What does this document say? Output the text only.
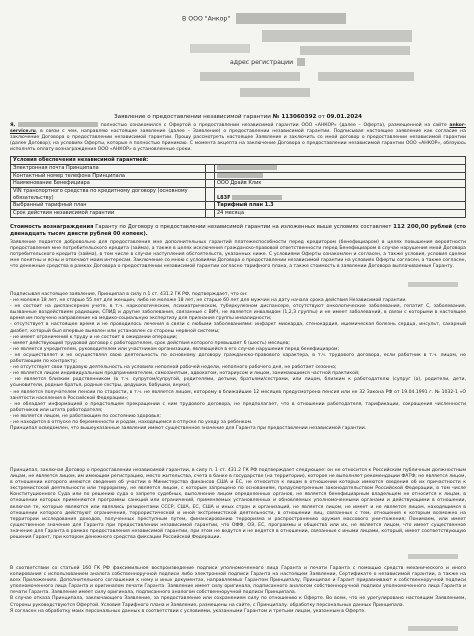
В ООО "Анкор"
адрес регистрации
Заявление о предоставлении независимой гарантии № 113060392 от 09.01.2024

Я,	полностью ознакомился с Офертой о предоставлении независимой гарантии ООО «АНКОР» (далее – Оферта), размещенной на сайте ankor-service.ru, в связи с чем, направляю настоящее заявление (далее – Заявление) о предоставлении независимой гарантии. Подписывая настоящее заявление как согласие на заключение Договора о предоставлении независимой гарантии. Прошу рассмотреть настоящее Заявление и заключить со мной договор о предоставлении независимой гарантии (далее Договор), на условиях Оферты, которые я полностью принимаю. С момента акцепта на заключение Договора о предоставлении независимой гарантии ООО «АНКОР», обязуюсь исполнять оплату вознаграждения ООО «АНКОР» в установленные сроки.

Условия обеспечения независимой гарантией:		
Электронная почта Принципала		
Контактный номер телефона Принципала		
Наименование Бенефициара		ООО Драйв Клик
VIN транспортного средства по кредитному договору (основному обязательству)		L83F
Выбранный тарифный план		Тарифный план 1.3
Срок действия независимой гарантии		24 месяца

Стоимость вознаграждения Гаранту по Договору о предоставлении независимой гарантии на изложенных выше условиях составляет 112 200,00 рублей (сто двенадцать тысяч двести рублей 00 копеек).

Заявление подается добровольно для предоставления мне дополнительных гарантий платежеспособности перед кредитором (бенефициаром) в целях повышения вероятности предоставления мне потребительского кредита (займа), а также в целях исключения гражданско-правовой ответственности перед Бенефициаром в случае нарушения мной Договора потребительского кредита (займа), в том числе в случае наступления обстоятельств, указанных ниже. С условиями Оферты ознакомлен и согласен, а также условия, условия сделки мне понятны и ясны и отвечают моим интересам. Заключение со мною с условиями Договора о предоставлении независимой гарантии на условиях Оферты согласен, а также согласен, что денежные средства в рамках Договора о предоставлении независимой гарантии согласно тарифного плана, а также стоимость в заявлении Договора выплачиваемые Гаранту.

Подписывая настоящее заявление, Принципал в силу п.1 ст. 431.2 ГК РФ, подтверждает, что он:

- не моложе 18 лет, не старше 55 лет для женщин, либо не моложе 18 лет, не старше 60 лет для мужчин на дату начала срока действия Независимой гарантии.

- не состоит на диспансерном учете, в т.ч. наркологическом, психиатрическом, туберкулезном диспансере, отсутствуют онкологические заболевания, гепатит С, заболевания, вызванные воздействием радиации, СПИД и другие заболевания, связанные с ВИЧ, не является инвалидом (1,2,3 группы) и не имеет заболеваний, в связи с которыми в настоящее время им получено направление на медико-социальную экспертизу для признания группы инвалидности;

- отсутствует в настоящее время и не проводилось лечения в связи с любыми заболеваниями: инфаркт миокарда, стенокардия, ишемическая болезнь сердца, инсульт, сахарный диабет, который был впервые выявлен или установлен со стороны нервной системы;

- не имеет ограничений к труду и не состоит в ожидании операции;

- имеет действующий трудовой договор с работодателем, срок действия которого превышает 6 (шесть) месяцев;

- не является учредителем, руководителем или участником организации, являющейся в его случае нарушения перед бенефициаром;

- не осуществляет и не осуществлял свою деятельность по основному договору гражданско-правового характера, в т.ч. трудового договора, если работник в т.ч. лицом, не работающим по контракту;

- не отсутствует свои трудовую деятельность на условиях неполной рабочей недели, неполного рабочего дня, не работает сезонно;

- не является лицом индивидуальным предпринимателем, самозанятым, адвокатом, нотариусом и лицом, занимающимся частной практикой;

- не является близким родственником (в т.ч. супругом/супругой, родителями, детьми, братьями/сестрами, или лицом, близким к работодателю (супруг (а), родители, дети, усыновители, родные братья, родные сестры, дедушки, бабушки, внуки);

- не является получателем пенсии по старости, в т.ч. не является лицом, которому в ближайшие 12 месяцев предусмотрена пенсия или не 32 Закона РФ от 19.04.1991 г. № 1032-1 «О занятости населения в Российской Федерации»;

- не обладает информацией о предстоящем прекращении с ним трудового договора, не предполагает, что в отношении работодателя, тарификации, сокращения численности работников или штата работодателя;

- не является лицом, не работающим по состоянию здоровья;

- не находится в отпуске по беременности и родам, находящемся в отпуске по уходу за ребенком.

Принципал осведомлен, что вышеуказанные заявления имеют существенное значение для Гаранта при предоставлении независимой гарантии.

Принципал, заключая Договор о предоставлении независимой гарантии, в силу п. 1 ст. 431.2 ГК РФ подтверждает следующее: он не относится к Российским публичным должностным лицам, не является лицом, им имеющим регистрацию, место жительства, счета в банке в государстве (на территории), которое не выполняет рекомендации ФАТФ; не является лицом, в отношении которого имеются сведения об участии в Министерства финансов США и ЕС, не относится к лицам в отношении которых имеются сведения об их причастности к экстремистской деятельности или терроризму, не является лицом, с которым запрещено по основаниям, предусмотренным законодательством Российской Федерации, в том числе Конституционного Суда или по решению суда о запрете судебных, выполнение лицом определенных органов, не является бенефициарным владельцем не относится к лицам, в отношении которых применяются программы санкций или ограничений, применяемых установленных и обновляемых уполномоченными органами и действующими в отношении, включая те, которые являются или являлись резидентами СССР, США, ЕС, США и иных стран и организаций, не является лицом, не имеет и не является лицом, находящимся в отношении которого действуют ограничения, террористической и иной экстремистской деятельности, в отношении лиц, связанных с тем, отношения к которым возможно на территории исследования доходов, полученных преступным путем, финансированию терроризма и распространению оружия массового уничтожения; Понимаем, или имеет существенное значение для Гаранта при предоставлении независимой гарантии, что ОФФ, ОЭ, ЕС, программы и общества или их, не является лицом, что имеет существенное значение для Гаранта в рамках предоставления независимой гарантии, при этом не ведутся и не ведется в отношении, связанные с иными лицами, который, имеет соответствующую решения Гарант, при котором денежного средства фиксации Российской Федерации.

В соответствии со статьей 160 ГК РФ факсимильное воспроизведение подписи уполномоченного лица Гаранта и печати Гаранта с помощью средств механического и иного копирования с использованием аналога собственноручной подписи либо электронной подписи Гаранта на настоящем Заявлении, Сертификате о независимой гарантии, а также на всех Приложениях. Дополнительного соглашения к нему и иных документах, направляемых Гарантом Принципалу, Принципал и Гарант приравнивают к собственноручной подписи уполномоченного лица Гаранта и оригиналом печати Гаранта. Заявление имеет силу оригинала, подписанного аналогом собственноручной подписи уполномоченного лица Гаранта и печати Гаранта. Заявление имеет силу оригинала, подписанного аналогом собственноручной подписи Принципала.

В случае отказа Принципала, заключающего Заявление, за предоставление или сохранением силу по отношению к Оферте. Во всем, что не урегулировано настоящим Заявлением, Стороны руководствуются Офертой. Условия Тарифного плана и Заявление, размещены на сайте, с Принципалу. обработку персональных данных Принципала.

Я согласен на обработку моих персональных данных в соответствии с условиями, указанными Гарантом и третьим лицам, указанным в Оферте.
